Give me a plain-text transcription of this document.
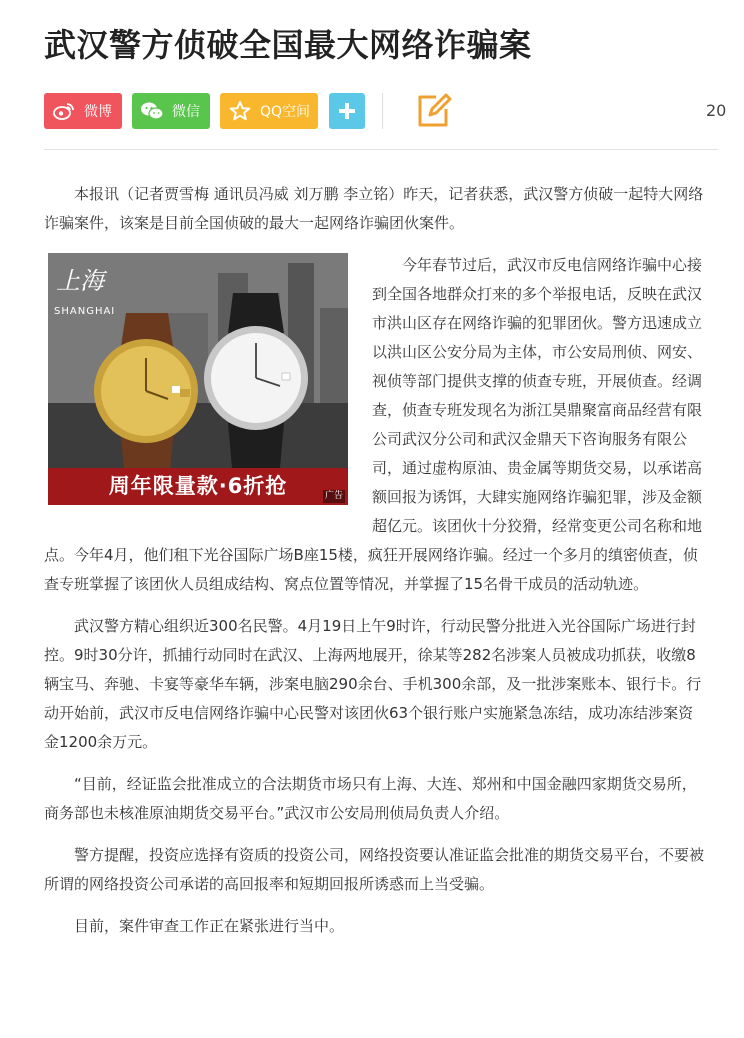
武汉警方侦破全国最大网络诈骗案
微博	微信	QQ空间	20

本报讯（记者贾雪梅 通讯员冯威 刘万鹏 李立铭）昨天，记者获悉，武汉警方侦破一起特大网络诈骗案件，该案是目前全国侦破的最大一起网络诈骗团伙案件。

上海
SHANGHAI
周年限量款·6折抢	广告

今年春节过后，武汉市反电信网络诈骗中心接到全国各地群众打来的多个举报电话，反映在武汉市洪山区存在网络诈骗的犯罪团伙。警方迅速成立以洪山区公安分局为主体，市公安局刑侦、网安、视侦等部门提供支撑的侦查专班，开展侦查。经调查，侦查专班发现名为浙江昊鼎聚富商品经营有限公司武汉分公司和武汉金鼎天下咨询服务有限公司，通过虚构原油、贵金属等期货交易，以承诺高额回报为诱饵，大肆实施网络诈骗犯罪，涉及金额超亿元。该团伙十分狡猾，经常变更公司名称和地点。今年4月，他们租下光谷国际广场B座15楼，疯狂开展网络诈骗。经过一个多月的缜密侦查，侦查专班掌握了该团伙人员组成结构、窝点位置等情况，并掌握了15名骨干成员的活动轨迹。

武汉警方精心组织近300名民警。4月19日上午9时许，行动民警分批进入光谷国际广场进行封控。9时30分许，抓捕行动同时在武汉、上海两地展开，徐某等282名涉案人员被成功抓获，收缴8辆宝马、奔驰、卡宴等豪华车辆，涉案电脑290余台、手机300余部，及一批涉案账本、银行卡。行动开始前，武汉市反电信网络诈骗中心民警对该团伙63个银行账户实施紧急冻结，成功冻结涉案资金1200余万元。

“目前，经证监会批准成立的合法期货市场只有上海、大连、郑州和中国金融四家期货交易所，商务部也未核准原油期货交易平台。”武汉市公安局刑侦局负责人介绍。

警方提醒，投资应选择有资质的投资公司，网络投资要认准证监会批准的期货交易平台，不要被所谓的网络投资公司承诺的高回报率和短期回报所诱惑而上当受骗。

目前，案件审查工作正在紧张进行当中。
